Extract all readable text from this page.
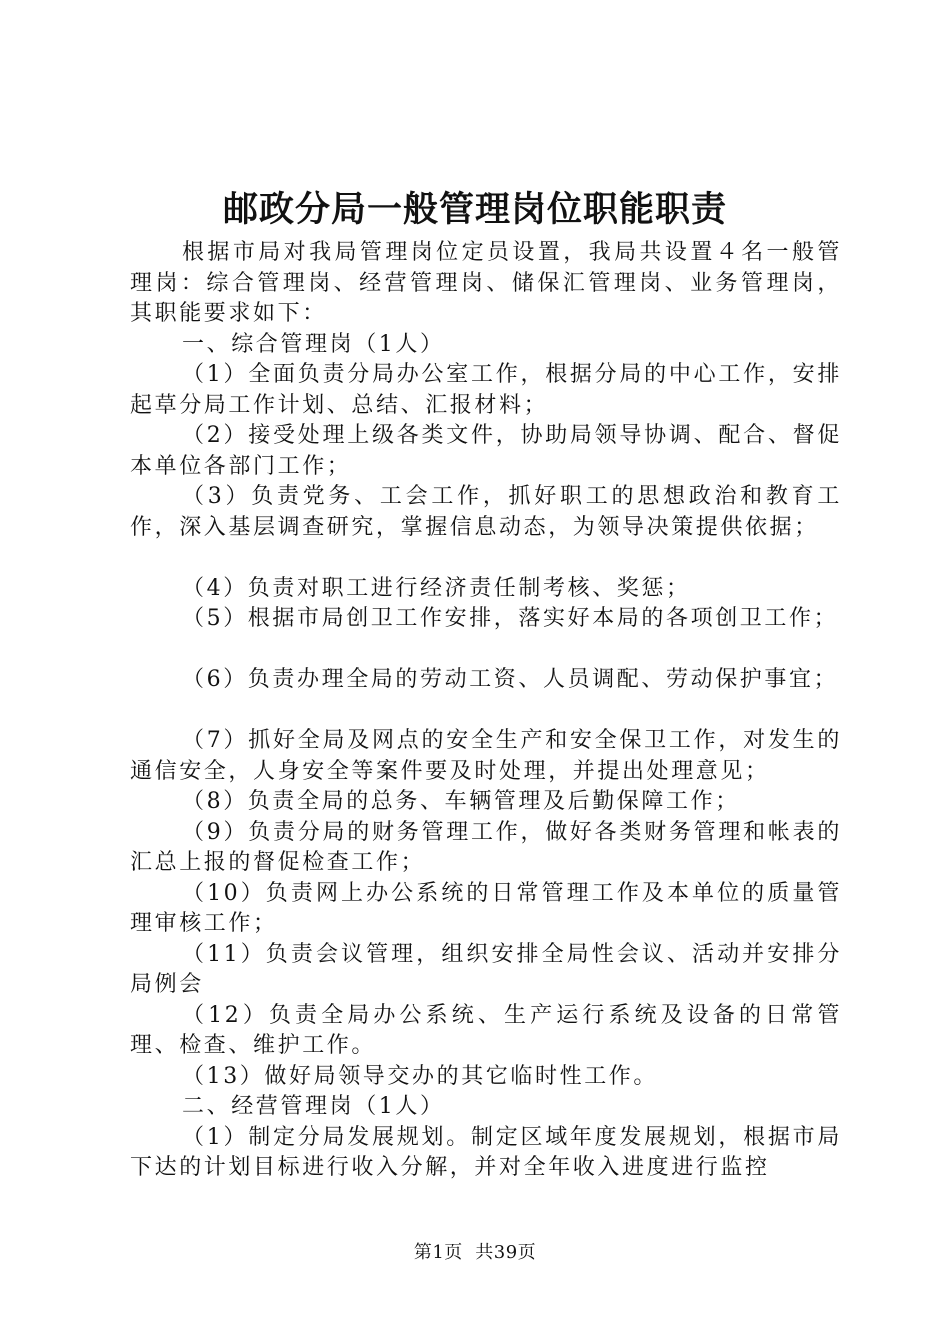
邮政分局一般管理岗位职能职责

根据市局对我局管理岗位定员设置，我局共设置４名一般管理岗：综合管理岗、经营管理岗、储保汇管理岗、业务管理岗，其职能要求如下：

一、综合管理岗（1人）

（1）全面负责分局办公室工作，根据分局的中心工作，安排起草分局工作计划、总结、汇报材料；

（2）接受处理上级各类文件，协助局领导协调、配合、督促本单位各部门工作；

（3）负责党务、工会工作，抓好职工的思想政治和教育工作，深入基层调查研究，掌握信息动态，为领导决策提供依据；

（4）负责对职工进行经济责任制考核、奖惩；

（5）根据市局创卫工作安排，落实好本局的各项创卫工作；

（6）负责办理全局的劳动工资、人员调配、劳动保护事宜；

（7）抓好全局及网点的安全生产和安全保卫工作，对发生的通信安全，人身安全等案件要及时处理，并提出处理意见；

（8）负责全局的总务、车辆管理及后勤保障工作；

（9）负责分局的财务管理工作，做好各类财务管理和帐表的汇总上报的督促检查工作；

（10）负责网上办公系统的日常管理工作及本单位的质量管理审核工作；

（11）负责会议管理，组织安排全局性会议、活动并安排分局例会

（12）负责全局办公系统、生产运行系统及设备的日常管理、检查、维护工作。

（13）做好局领导交办的其它临时性工作。

二、经营管理岗（1人）

（1）制定分局发展规划。制定区域年度发展规划，根据市局下达的计划目标进行收入分解，并对全年收入进度进行监控

第1页  共39页
